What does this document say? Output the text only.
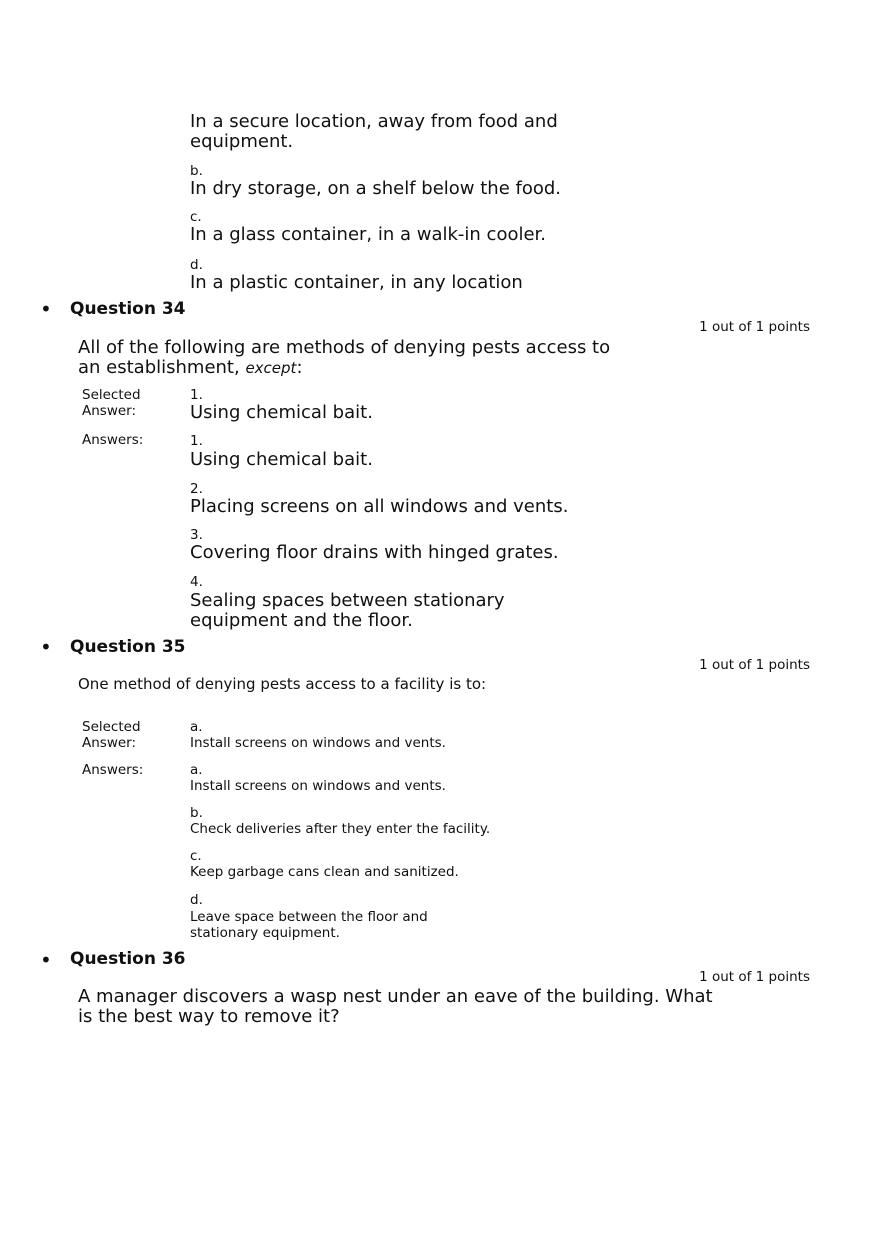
In a secure location, away from food and equipment.
b.
In dry storage, on a shelf below the food.
c.
In a glass container, in a walk-in cooler.
d.
In a plastic container, in any location
• Question 34
1 out of 1 points
All of the following are methods of denying pests access to an establishment, except:
Selected Answer:
1.
Using chemical bait.
Answers:	1.
Using chemical bait.
2.
Placing screens on all windows and vents.
3.
Covering floor drains with hinged grates.
4.
Sealing spaces between stationary equipment and the floor.
• Question 35
1 out of 1 points
One method of denying pests access to a facility is to:
Selected Answer:
a.
Install screens on windows and vents.
Answers:	a.
Install screens on windows and vents.
b.
Check deliveries after they enter the facility.
c.
Keep garbage cans clean and sanitized.
d.
Leave space between the floor and stationary equipment.
• Question 36
1 out of 1 points
A manager discovers a wasp nest under an eave of the building. What is the best way to remove it?
